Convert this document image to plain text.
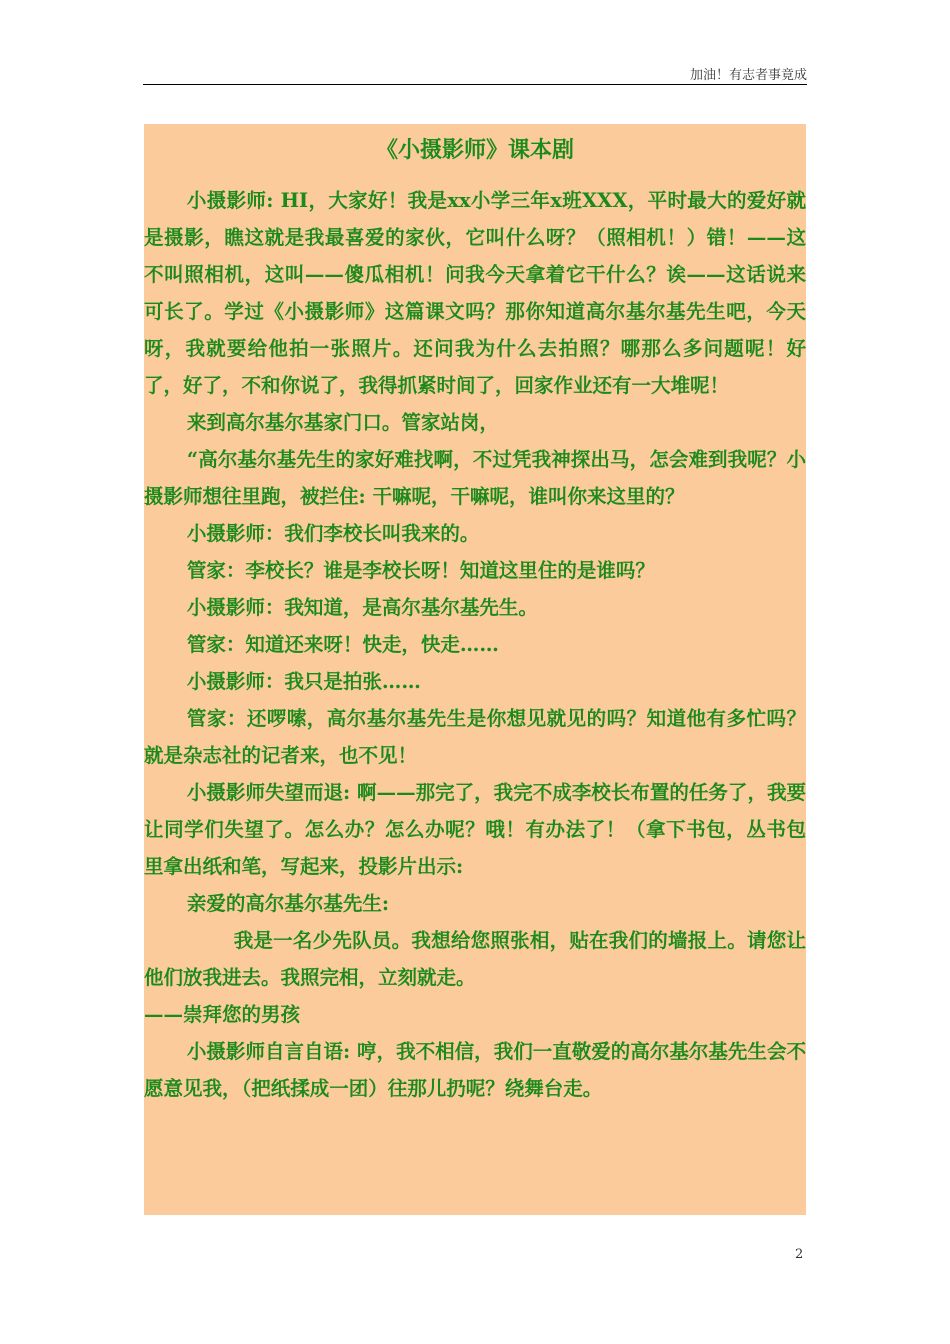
加油！有志者事竟成
《小摄影师》课本剧

小摄影师: HI，大家好！我是xx小学三年x班XXX，平时最大的爱好就是摄影，瞧这就是我最喜爱的家伙，它叫什么呀？（照相机！）错！——这不叫照相机，这叫——傻瓜相机！问我今天拿着它干什么？诶——这话说来可长了。学过《小摄影师》这篇课文吗？那你知道高尔基尔基先生吧，今天呀，我就要给他拍一张照片。还问我为什么去拍照？哪那么多问题呢！好了，好了，不和你说了，我得抓紧时间了，回家作业还有一大堆呢！

来到高尔基尔基家门口。管家站岗，

“高尔基尔基先生的家好难找啊，不过凭我神探出马，怎会难到我呢？小摄影师想往里跑，被拦住: 干嘛呢，干嘛呢，谁叫你来这里的？

小摄影师：我们李校长叫我来的。

管家：李校长？谁是李校长呀！知道这里住的是谁吗？

小摄影师：我知道，是高尔基尔基先生。

管家：知道还来呀！快走，快走……

小摄影师：我只是拍张……

管家：还啰嗦，高尔基尔基先生是你想见就见的吗？知道他有多忙吗？就是杂志社的记者来，也不见！

小摄影师失望而退: 啊——那完了，我完不成李校长布置的任务了，我要让同学们失望了。怎么办？怎么办呢？哦！有办法了！（拿下书包，丛书包里拿出纸和笔，写起来，投影片出示:

亲爱的高尔基尔基先生:

我是一名少先队员。我想给您照张相，贴在我们的墙报上。请您让他们放我进去。我照完相，立刻就走。

——崇拜您的男孩

小摄影师自言自语: 哼，我不相信，我们一直敬爱的高尔基尔基先生会不愿意见我，（把纸揉成一团）往那儿扔呢？绕舞台走。

2
